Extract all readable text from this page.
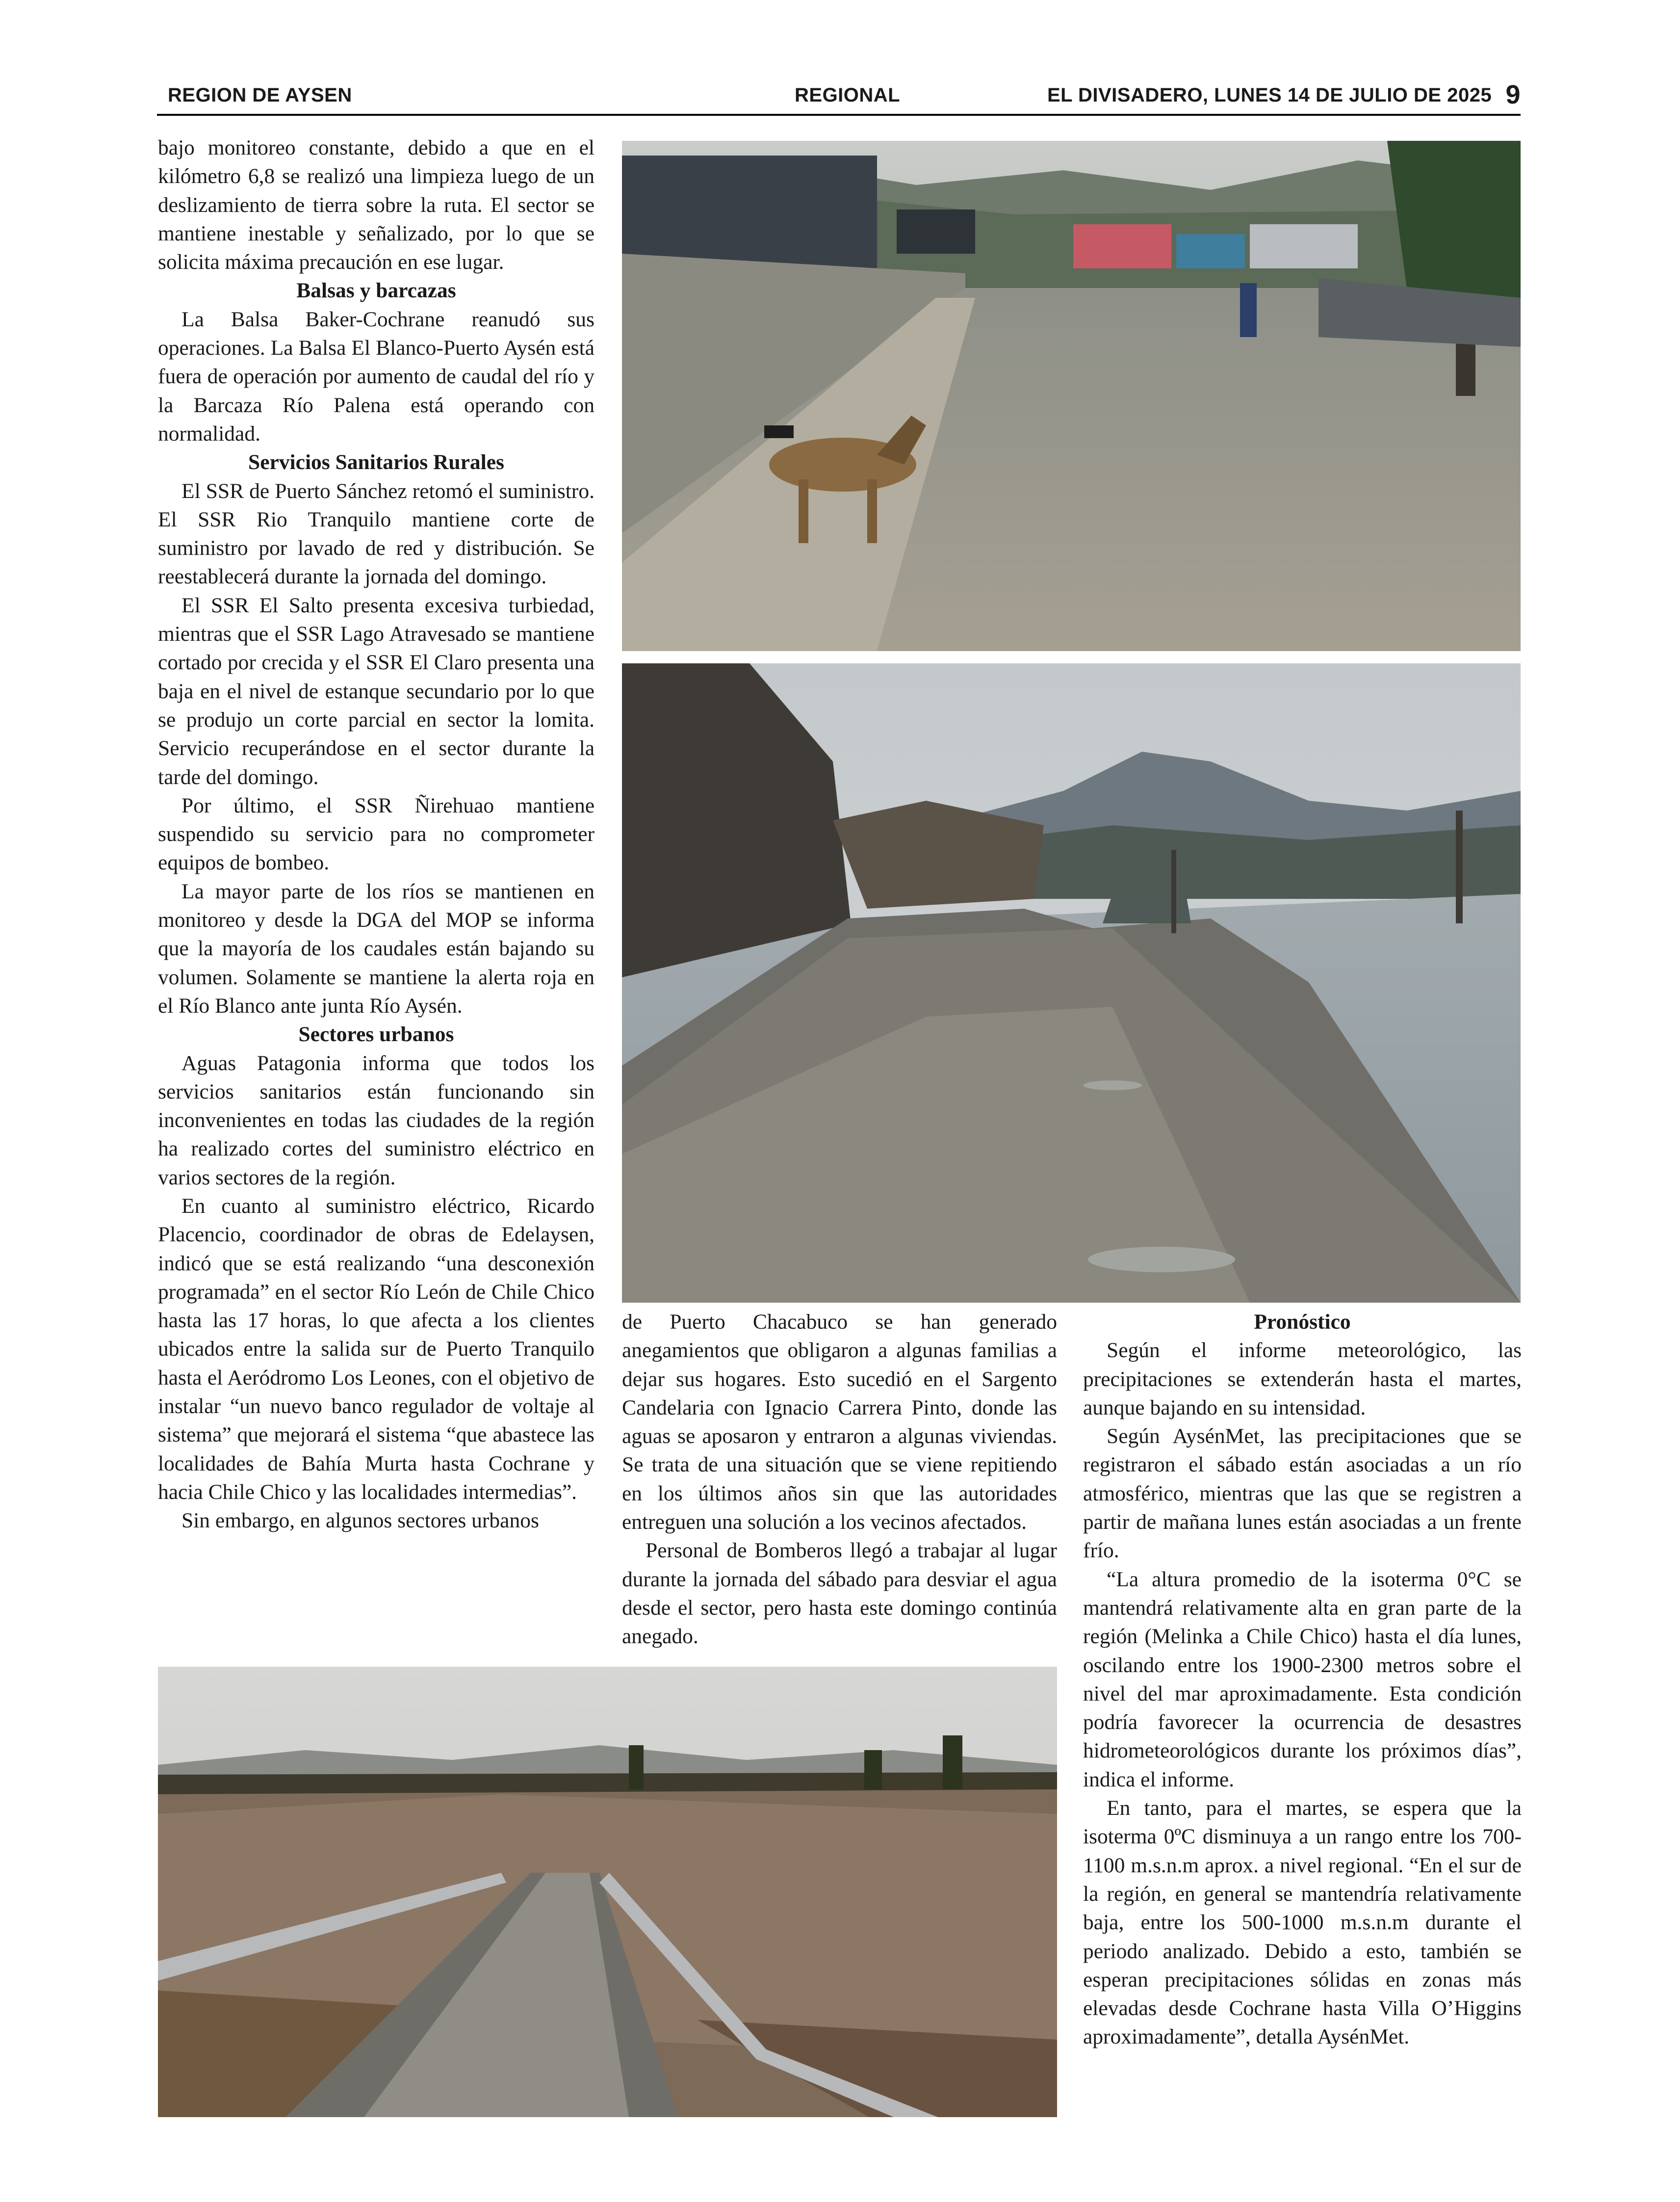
REGION DE AYSEN	REGIONAL	EL DIVISADERO, LUNES 14 DE JULIO DE 2025 9

bajo monitoreo constante, debido a que en el kilómetro 6,8 se realizó una limpieza luego de un deslizamiento de tierra sobre la ruta. El sector se mantiene inestable y señalizado, por lo que se solicita máxima precaución en ese lugar.

Balsas y barcazas

La Balsa Baker-Cochrane reanudó sus operaciones. La Balsa El Blanco-Puerto Aysén está fuera de operación por aumento de caudal del río y la Barcaza Río Palena está operando con normalidad.

Servicios Sanitarios Rurales

El SSR de Puerto Sánchez retomó el suministro. El SSR Rio Tranquilo mantiene corte de suministro por lavado de red y distribución. Se reestablecerá durante la jornada del domingo.

El SSR El Salto presenta excesiva turbiedad, mientras que el SSR Lago Atravesado se mantiene cortado por crecida y el SSR El Claro presenta una baja en el nivel de estanque secundario por lo que se produjo un corte parcial en sector la lomita. Servicio recuperándose en el sector durante la tarde del domingo.

Por último, el SSR Ñirehuao mantiene suspendido su servicio para no comprometer equipos de bombeo.

La mayor parte de los ríos se mantienen en monitoreo y desde la DGA del MOP se informa que la mayoría de los caudales están bajando su volumen. Solamente se mantiene la alerta roja en el Río Blanco ante junta Río Aysén.

Sectores urbanos

Aguas Patagonia informa que todos los servicios sanitarios están funcionando sin inconvenientes en todas las ciudades de la región ha realizado cortes del suministro eléctrico en varios sectores de la región.

En cuanto al suministro eléctrico, Ricardo Placencio, coordinador de obras de Edelaysen, indicó que se está realizando “una desconexión programada” en el sector Río León de Chile Chico hasta las 17 horas, lo que afecta a los clientes ubicados entre la salida sur de Puerto Tranquilo hasta el Aeródromo Los Leones, con el objetivo de instalar “un nuevo banco regulador de voltaje al sistema” que mejorará el sistema “que abastece las localidades de Bahía Murta hasta Cochrane y hacia Chile Chico y las localidades intermedias”.

Sin embargo, en algunos sectores urbanos

de Puerto Chacabuco se han generado anegamientos que obligaron a algunas familias a dejar sus hogares. Esto sucedió en el Sargento Candelaria con Ignacio Carrera Pinto, donde las aguas se aposaron y entraron a algunas viviendas. Se trata de una situación que se viene repitiendo en los últimos años sin que las autoridades entreguen una solución a los vecinos afectados.

Personal de Bomberos llegó a trabajar al lugar durante la jornada del sábado para desviar el agua desde el sector, pero hasta este domingo continúa anegado.

Pronóstico

Según el informe meteorológico, las precipitaciones se extenderán hasta el martes, aunque bajando en su intensidad.

Según AysénMet, las precipitaciones que se registraron el sábado están asociadas a un río atmosférico, mientras que las que se registren a partir de mañana lunes están asociadas a un frente frío.

“La altura promedio de la isoterma 0°C se mantendrá relativamente alta en gran parte de la región (Melinka a Chile Chico) hasta el día lunes, oscilando entre los 1900-2300 metros sobre el nivel del mar aproximadamente. Esta condición podría favorecer la ocurrencia de desastres hidrometeorológicos durante los próximos días”, indica el informe.

En tanto, para el martes, se espera que la isoterma 0ºC disminuya a un rango entre los 700-1100 m.s.n.m aprox. a nivel regional. “En el sur de la región, en general se mantendría relativamente baja, entre los 500-1000 m.s.n.m durante el periodo analizado. Debido a esto, también se esperan precipitaciones sólidas en zonas más elevadas desde Cochrane hasta Villa O’Higgins aproximadamente”, detalla AysénMet.
